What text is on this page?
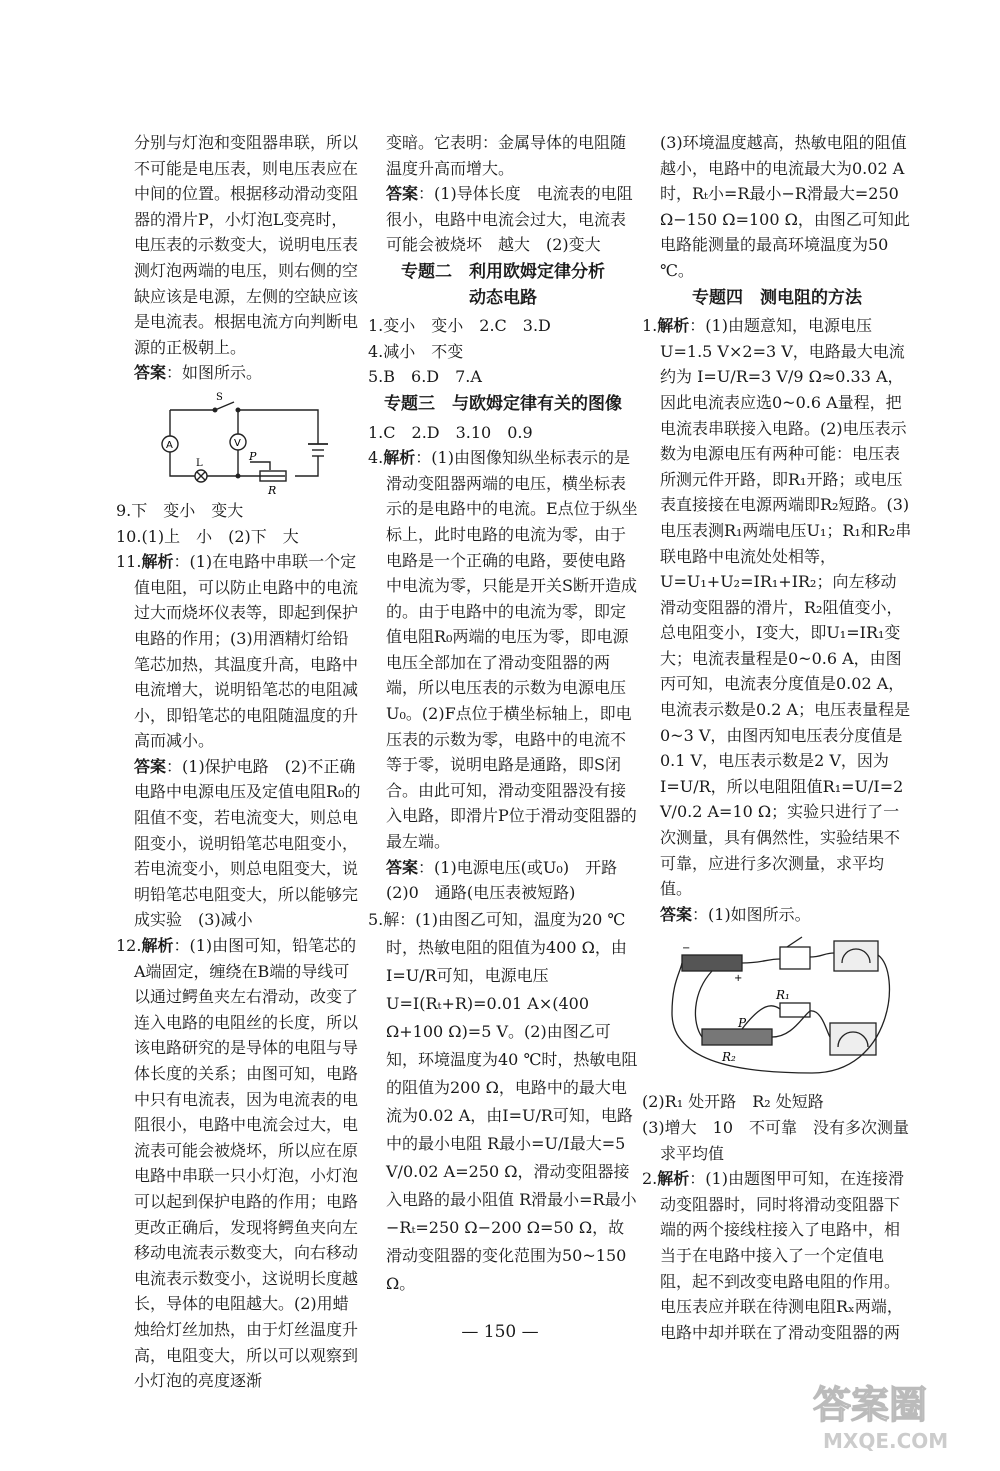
分别与灯泡和变阻器串联，所以不可能是电压表，则电压表应在中间的位置。根据移动滑动变阻器的滑片P，小灯泡L变亮时，电压表的示数变大，说明电压表测灯泡两端的电压，则右侧的空缺应该是电源，左侧的空缺应该是电流表。根据电流方向判断电源的正极朝上。

答案：如图所示。

S
A	V
L
P
R

9.下　变小　变大

10.(1)上　小　(2)下　大

11.解析：(1)在电路中串联一个定值电阻，可以防止电路中的电流过大而烧坏仪表等，即起到保护电路的作用；(3)用酒精灯给铅笔芯加热，其温度升高，电路中电流增大，说明铅笔芯的电阻减小，即铅笔芯的电阻随温度的升高而减小。

答案：(1)保护电路　(2)不正确　电路中电源电压及定值电阻R₀的阻值不变，若电流变大，则总电阻变小，说明铅笔芯电阻变小，若电流变小，则总电阻变大，说明铅笔芯电阻变大，所以能够完成实验　(3)减小

12.解析：(1)由图可知，铅笔芯的A端固定，缠绕在B端的导线可以通过鳄鱼夹左右滑动，改变了连入电路的电阻丝的长度，所以该电路研究的是导体的电阻与导体长度的关系；由图可知，电路中只有电流表，因为电流表的电阻很小，电路中电流会过大，电流表可能会被烧坏，所以应在原电路中串联一只小灯泡，小灯泡可以起到保护电路的作用；电路更改正确后，发现将鳄鱼夹向左移动电流表示数变大，向右移动电流表示数变小，这说明长度越长，导体的电阻越大。(2)用蜡烛给灯丝加热，由于灯丝温度升高，电阻变大，所以可以观察到小灯泡的亮度逐渐

变暗。它表明：金属导体的电阻随温度升高而增大。

答案：(1)导体长度　电流表的电阻很小，电路中电流会过大，电流表可能会被烧坏　越大　(2)变大

专题二　利用欧姆定律分析
动态电路

1.变小　变小　2.C　3.D

4.减小　不变

5.B　6.D　7.A

专题三　与欧姆定律有关的图像

1.C　2.D　3.10　0.9

4.解析：(1)由图像知纵坐标表示的是滑动变阻器两端的电压，横坐标表示的是电路中的电流。E点位于纵坐标上，此时电路的电流为零，由于电路是一个正确的电路，要使电路中电流为零，只能是开关S断开造成的。由于电路中的电流为零，即定值电阻R₀两端的电压为零，即电源电压全部加在了滑动变阻器的两端，所以电压表的示数为电源电压U₀。(2)F点位于横坐标轴上，即电压表的示数为零，电路中的电流不等于零，说明电路是通路，即S闭合。由此可知，滑动变阻器没有接入电路，即滑片P位于滑动变阻器的最左端。

答案：(1)电源电压(或U₀)　开路　(2)0　通路(电压表被短路)

5.解：(1)由图乙可知，温度为20 ℃时，热敏电阻的阻值为400 Ω，由I=U/R可知，电源电压U=I(Rₜ+R)=0.01 A×(400 Ω+100 Ω)=5 V。(2)由图乙可知，环境温度为40 ℃时，热敏电阻的阻值为200 Ω，电路中的最大电流为0.02 A，由I=U/R可知，电路中的最小电阻 R最小=U/I最大=5 V/0.02 A=250 Ω，滑动变阻器接入电路的最小阻值 R滑最小=R最小−Rₜ=250 Ω−200 Ω=50 Ω，故滑动变阻器的变化范围为50~150 Ω。

(3)环境温度越高，热敏电阻的阻值越小，电路中的电流最大为0.02 A时，Rₜ小=R最小−R滑最大=250 Ω−150 Ω=100 Ω，由图乙可知此电路能测量的最高环境温度为50 ℃。

专题四　测电阻的方法

1.解析：(1)由题意知，电源电压U=1.5 V×2=3 V，电路最大电流约为 I=U/R=3 V/9 Ω≈0.33 A，因此电流表应选0~0.6 A量程，把电流表串联接入电路。(2)电压表示数为电源电压有两种可能：电压表所测元件开路，即R₁开路；或电压表直接接在电源两端即R₂短路。(3)电压表测R₁两端电压U₁；R₁和R₂串联电路中电流处处相等，U=U₁+U₂=IR₁+IR₂；向左移动滑动变阻器的滑片，R₂阻值变小，总电阻变小，I变大，即U₁=IR₁变大；电流表量程是0~0.6 A，由图丙可知，电流表分度值是0.02 A，电流表示数是0.2 A；电压表量程是0~3 V，由图丙知电压表分度值是0.1 V，电压表示数是2 V，因为I=U/R，所以电阻阻值R₁=U/I=2 V/0.2 A=10 Ω；实验只进行了一次测量，具有偶然性，实验结果不可靠，应进行多次测量，求平均值。

答案：(1)如图所示。

−
+
P
R₁
R₂

(2)R₁ 处开路　R₂ 处短路

(3)增大　10　不可靠　没有多次测量求平均值

2.解析：(1)由题图甲可知，在连接滑动变阻器时，同时将滑动变阻器下端的两个接线柱接入了电路中，相当于在电路中接入了一个定值电阻，起不到改变电路电阻的作用。电压表应并联在待测电阻Rₓ两端，电路中却并联在了滑动变阻器的两

— 150 —
答案圈
MXQE.COM
